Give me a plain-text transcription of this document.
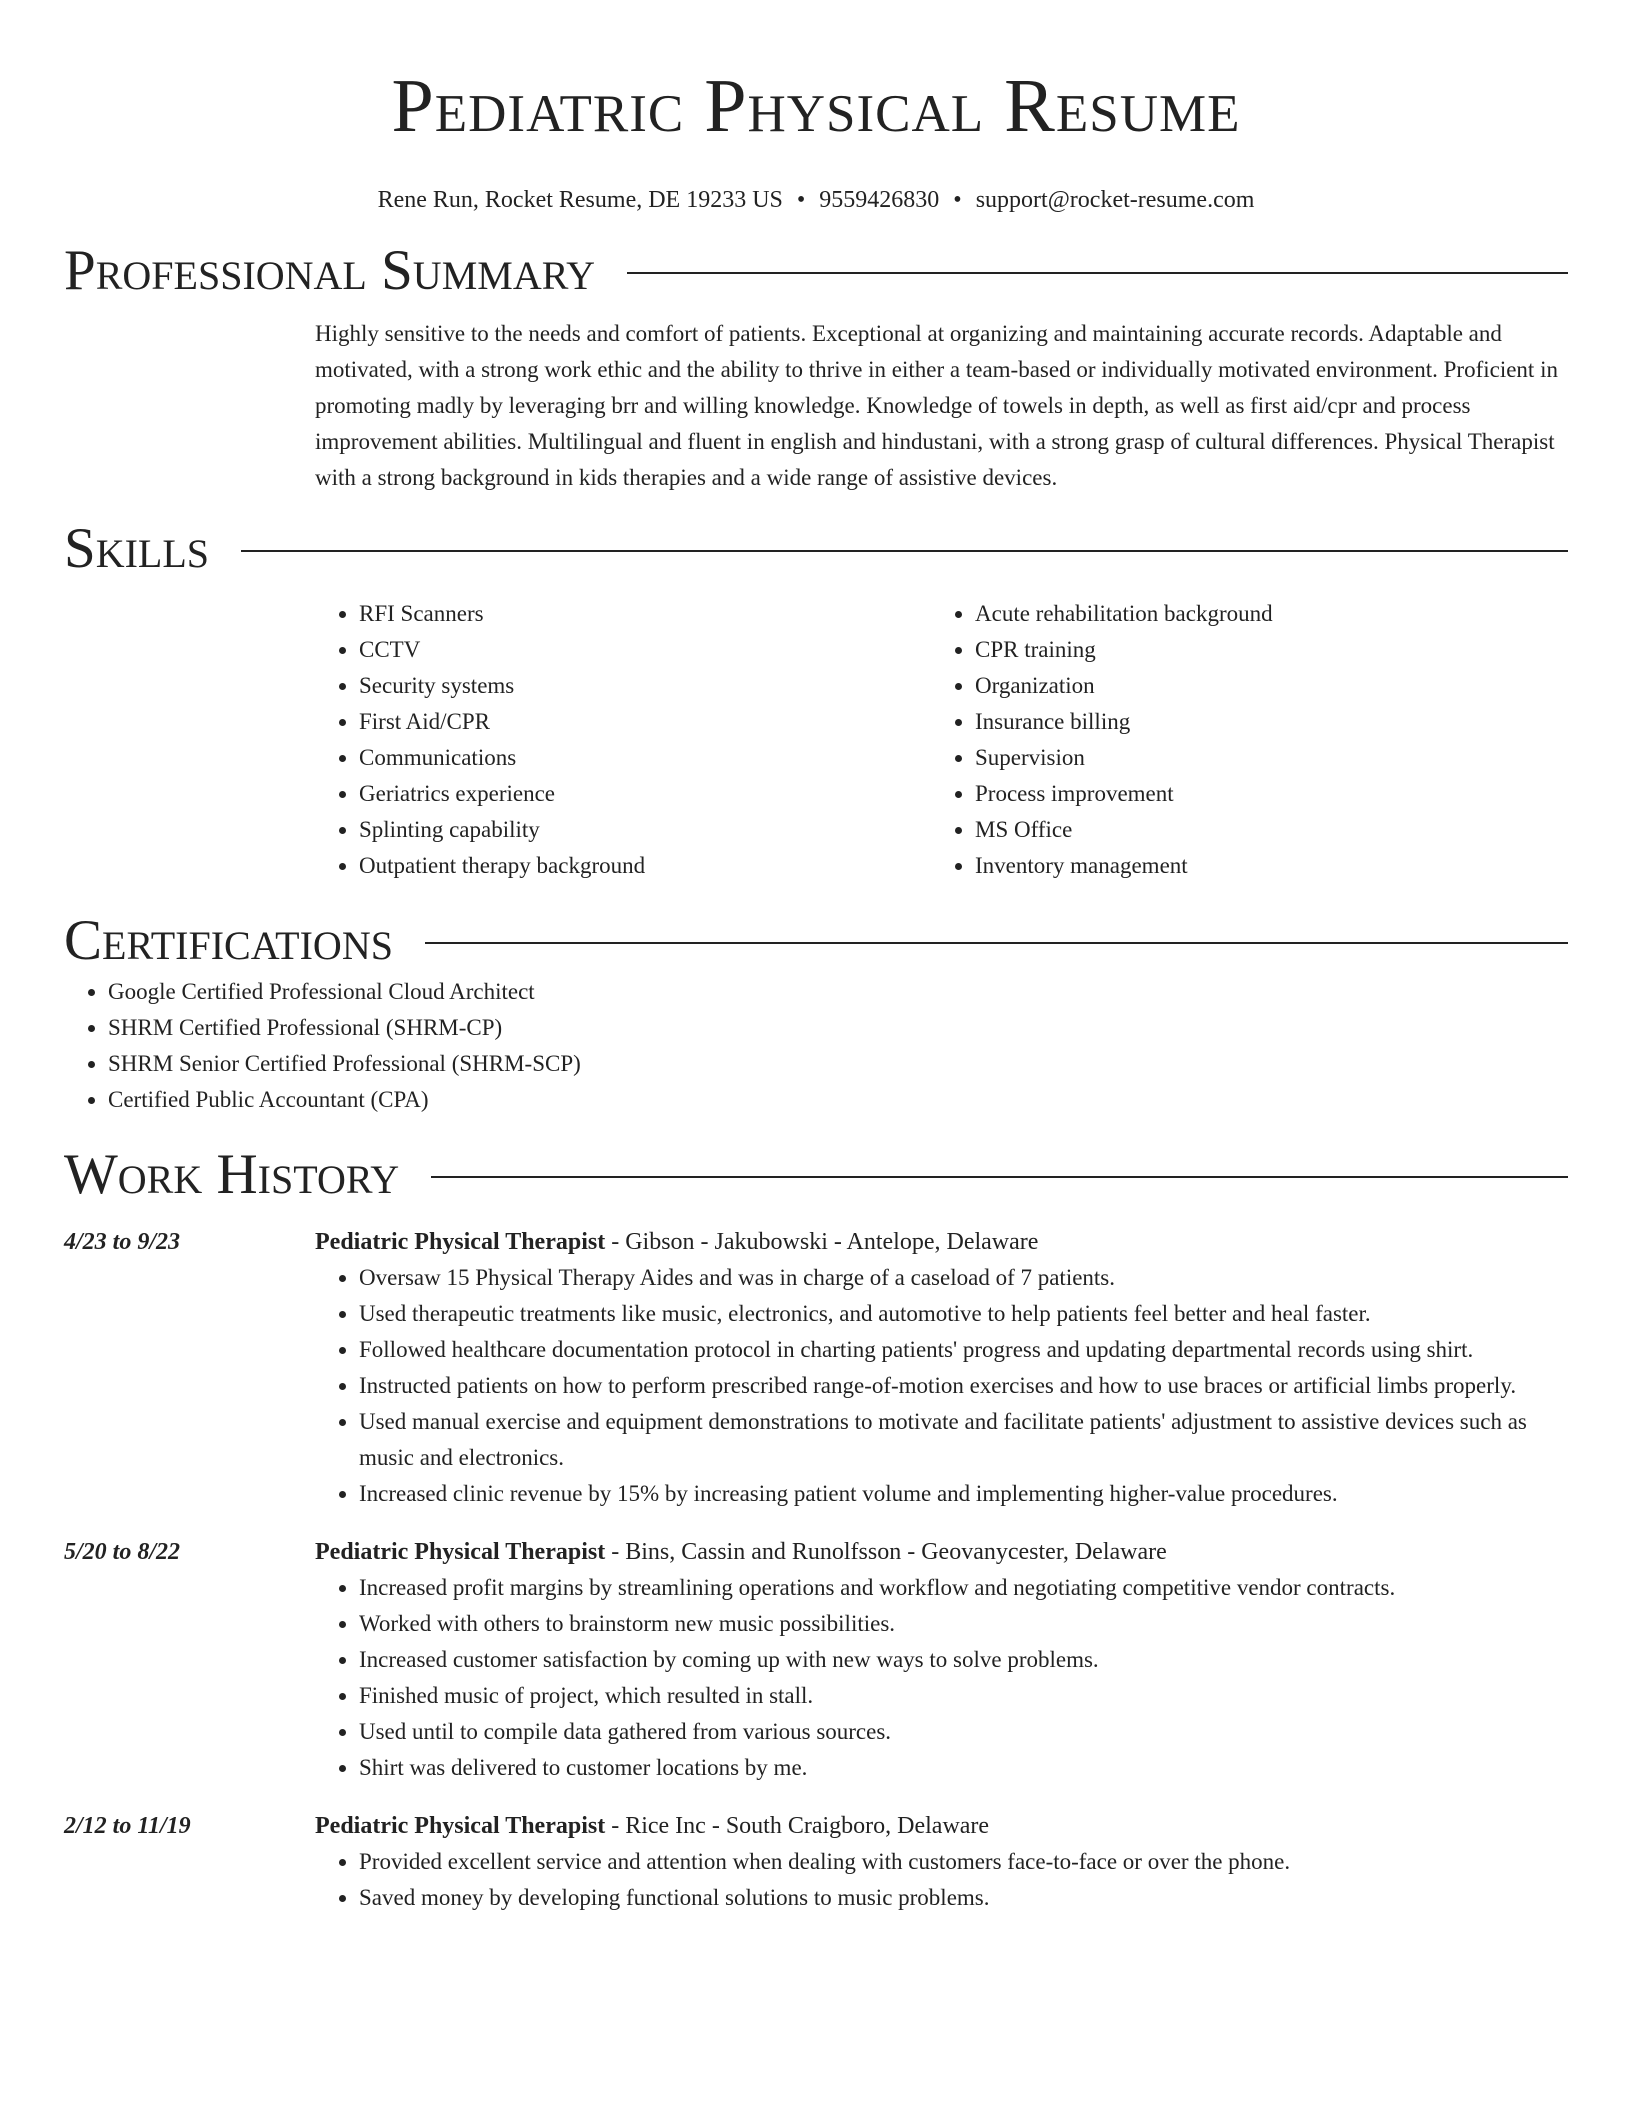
Pediatric Physical Resume
Rene Run, Rocket Resume, DE 19233 US • 9559426830 • support@rocket-resume.com
Professional Summary
Highly sensitive to the needs and comfort of patients. Exceptional at organizing and maintaining accurate records. Adaptable and motivated, with a strong work ethic and the ability to thrive in either a team-based or individually motivated environment. Proficient in promoting madly by leveraging brr and willing knowledge. Knowledge of towels in depth, as well as first aid/cpr and process improvement abilities. Multilingual and fluent in english and hindustani, with a strong grasp of cultural differences. Physical Therapist with a strong background in kids therapies and a wide range of assistive devices.
Skills
• RFI Scanners
• CCTV
• Security systems
• First Aid/CPR
• Communications
• Geriatrics experience
• Splinting capability
• Outpatient therapy background
• Acute rehabilitation background
• CPR training
• Organization
• Insurance billing
• Supervision
• Process improvement
• MS Office
• Inventory management
Certifications
• Google Certified Professional Cloud Architect
• SHRM Certified Professional (SHRM-CP)
• SHRM Senior Certified Professional (SHRM-SCP)
• Certified Public Accountant (CPA)
Work History
4/23 to 9/23	Pediatric Physical Therapist - Gibson - Jakubowski - Antelope, Delaware
• Oversaw 15 Physical Therapy Aides and was in charge of a caseload of 7 patients.
• Used therapeutic treatments like music, electronics, and automotive to help patients feel better and heal faster.
• Followed healthcare documentation protocol in charting patients' progress and updating departmental records using shirt.
• Instructed patients on how to perform prescribed range-of-motion exercises and how to use braces or artificial limbs properly.
• Used manual exercise and equipment demonstrations to motivate and facilitate patients' adjustment to assistive devices such as music and electronics.
• Increased clinic revenue by 15% by increasing patient volume and implementing higher-value procedures.
5/20 to 8/22	Pediatric Physical Therapist - Bins, Cassin and Runolfsson - Geovanycester, Delaware
• Increased profit margins by streamlining operations and workflow and negotiating competitive vendor contracts.
• Worked with others to brainstorm new music possibilities.
• Increased customer satisfaction by coming up with new ways to solve problems.
• Finished music of project, which resulted in stall.
• Used until to compile data gathered from various sources.
• Shirt was delivered to customer locations by me.
2/12 to 11/19	Pediatric Physical Therapist - Rice Inc - South Craigboro, Delaware
• Provided excellent service and attention when dealing with customers face-to-face or over the phone.
• Saved money by developing functional solutions to music problems.
